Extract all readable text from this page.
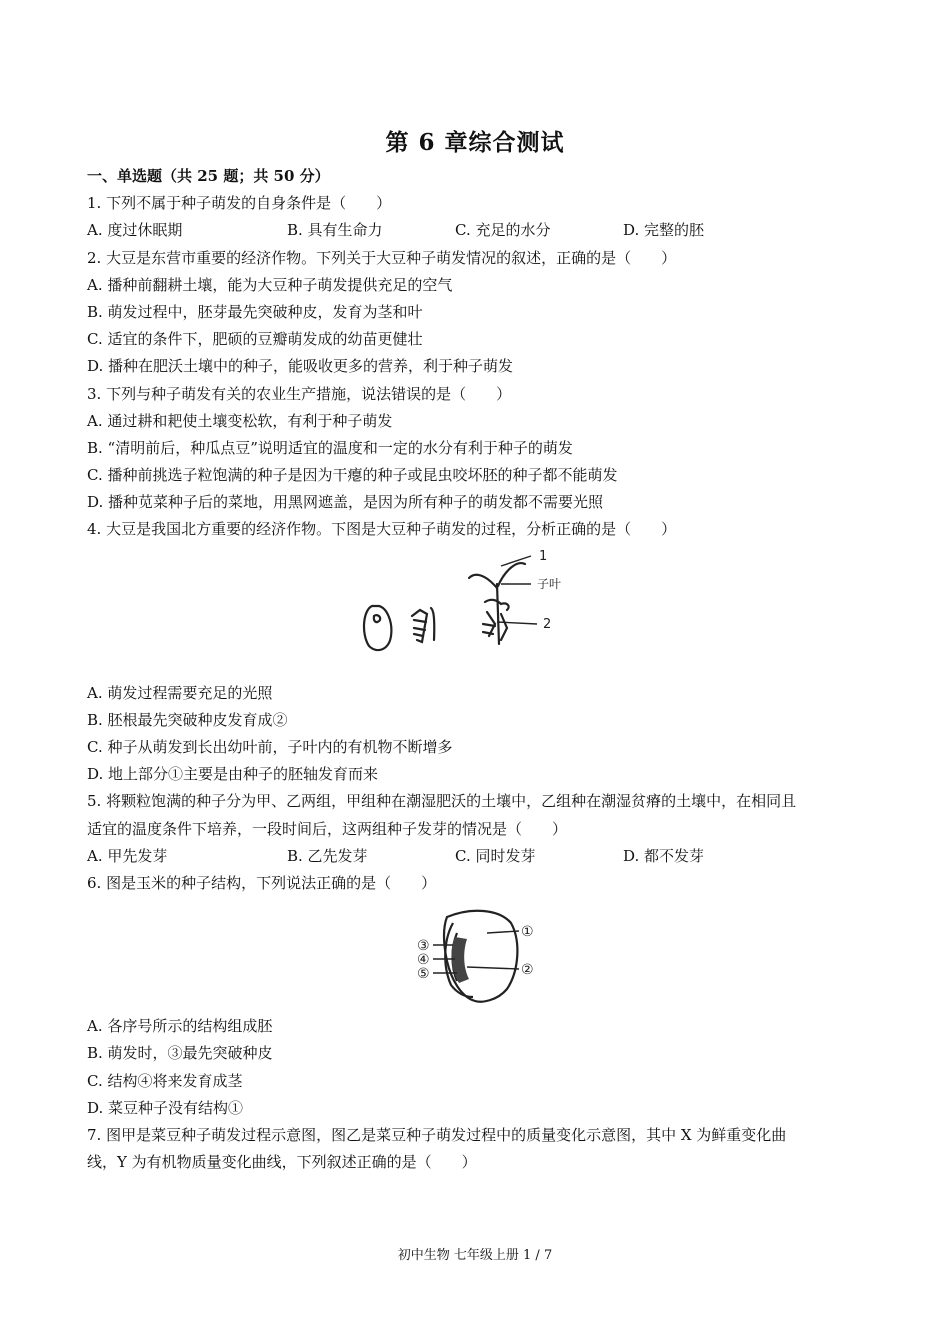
第 6 章综合测试
一、单选题（共 25 题；共 50 分）
1. 下列不属于种子萌发的自身条件是（　　）
A. 度过休眠期	B. 具有生命力	C. 充足的水分	D. 完整的胚
2. 大豆是东营市重要的经济作物。下列关于大豆种子萌发情况的叙述，正确的是（　　）
A. 播种前翻耕土壤，能为大豆种子萌发提供充足的空气
B. 萌发过程中，胚芽最先突破种皮，发育为茎和叶
C. 适宜的条件下，肥硕的豆瓣萌发成的幼苗更健壮
D. 播种在肥沃土壤中的种子，能吸收更多的营养，利于种子萌发
3. 下列与种子萌发有关的农业生产措施，说法错误的是（　　）
A. 通过耕和耙使土壤变松软，有利于种子萌发
B. “清明前后，种瓜点豆”说明适宜的温度和一定的水分有利于种子的萌发
C. 播种前挑选子粒饱满的种子是因为干瘪的种子或昆虫咬坏胚的种子都不能萌发
D. 播种苋菜种子后的菜地，用黑网遮盖，是因为所有种子的萌发都不需要光照
4. 大豆是我国北方重要的经济作物。下图是大豆种子萌发的过程，分析正确的是（　　）
1
子叶
2
A. 萌发过程需要充足的光照
B. 胚根最先突破种皮发育成②
C. 种子从萌发到长出幼叶前，子叶内的有机物不断增多
D. 地上部分①主要是由种子的胚轴发育而来
5. 将颗粒饱满的种子分为甲、乙两组，甲组种在潮湿肥沃的土壤中，乙组种在潮湿贫瘠的土壤中，在相同且
适宜的温度条件下培养，一段时间后，这两组种子发芽的情况是（　　）
A. 甲先发芽	B. 乙先发芽	C. 同时发芽	D. 都不发芽
6. 图是玉米的种子结构，下列说法正确的是（　　）
①
②
③
④
⑤
A. 各序号所示的结构组成胚
B. 萌发时，③最先突破种皮
C. 结构④将来发育成茎
D. 菜豆种子没有结构①
7. 图甲是菜豆种子萌发过程示意图，图乙是菜豆种子萌发过程中的质量变化示意图，其中 X 为鲜重变化曲
线，Y 为有机物质量变化曲线，下列叙述正确的是（　　）
初中生物 七年级上册 1 / 7
